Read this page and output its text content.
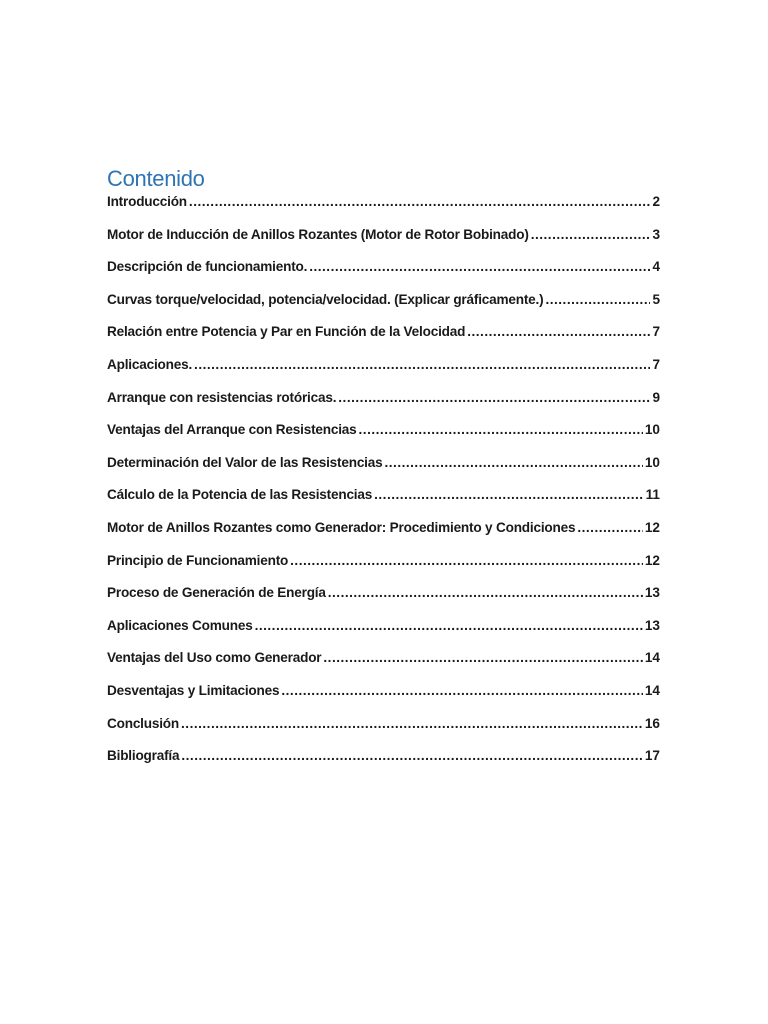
Contenido
Introducción .....	2
Motor de Inducción de Anillos Rozantes (Motor de Rotor Bobinado) .....	3
Descripción de funcionamiento. .....	4
Curvas torque/velocidad, potencia/velocidad. (Explicar gráficamente.) .....	5
Relación entre Potencia y Par en Función de la Velocidad .....	7
Aplicaciones. .....	7
Arranque con resistencias rotóricas. .....	9
Ventajas del Arranque con Resistencias .....	10
Determinación del Valor de las Resistencias .....	10
Cálculo de la Potencia de las Resistencias .....	11
Motor de Anillos Rozantes como Generador: Procedimiento y Condiciones .....	12
Principio de Funcionamiento .....	12
Proceso de Generación de Energía .....	13
Aplicaciones Comunes .....	13
Ventajas del Uso como Generador .....	14
Desventajas y Limitaciones .....	14
Conclusión .....	16
Bibliografía .....	17
